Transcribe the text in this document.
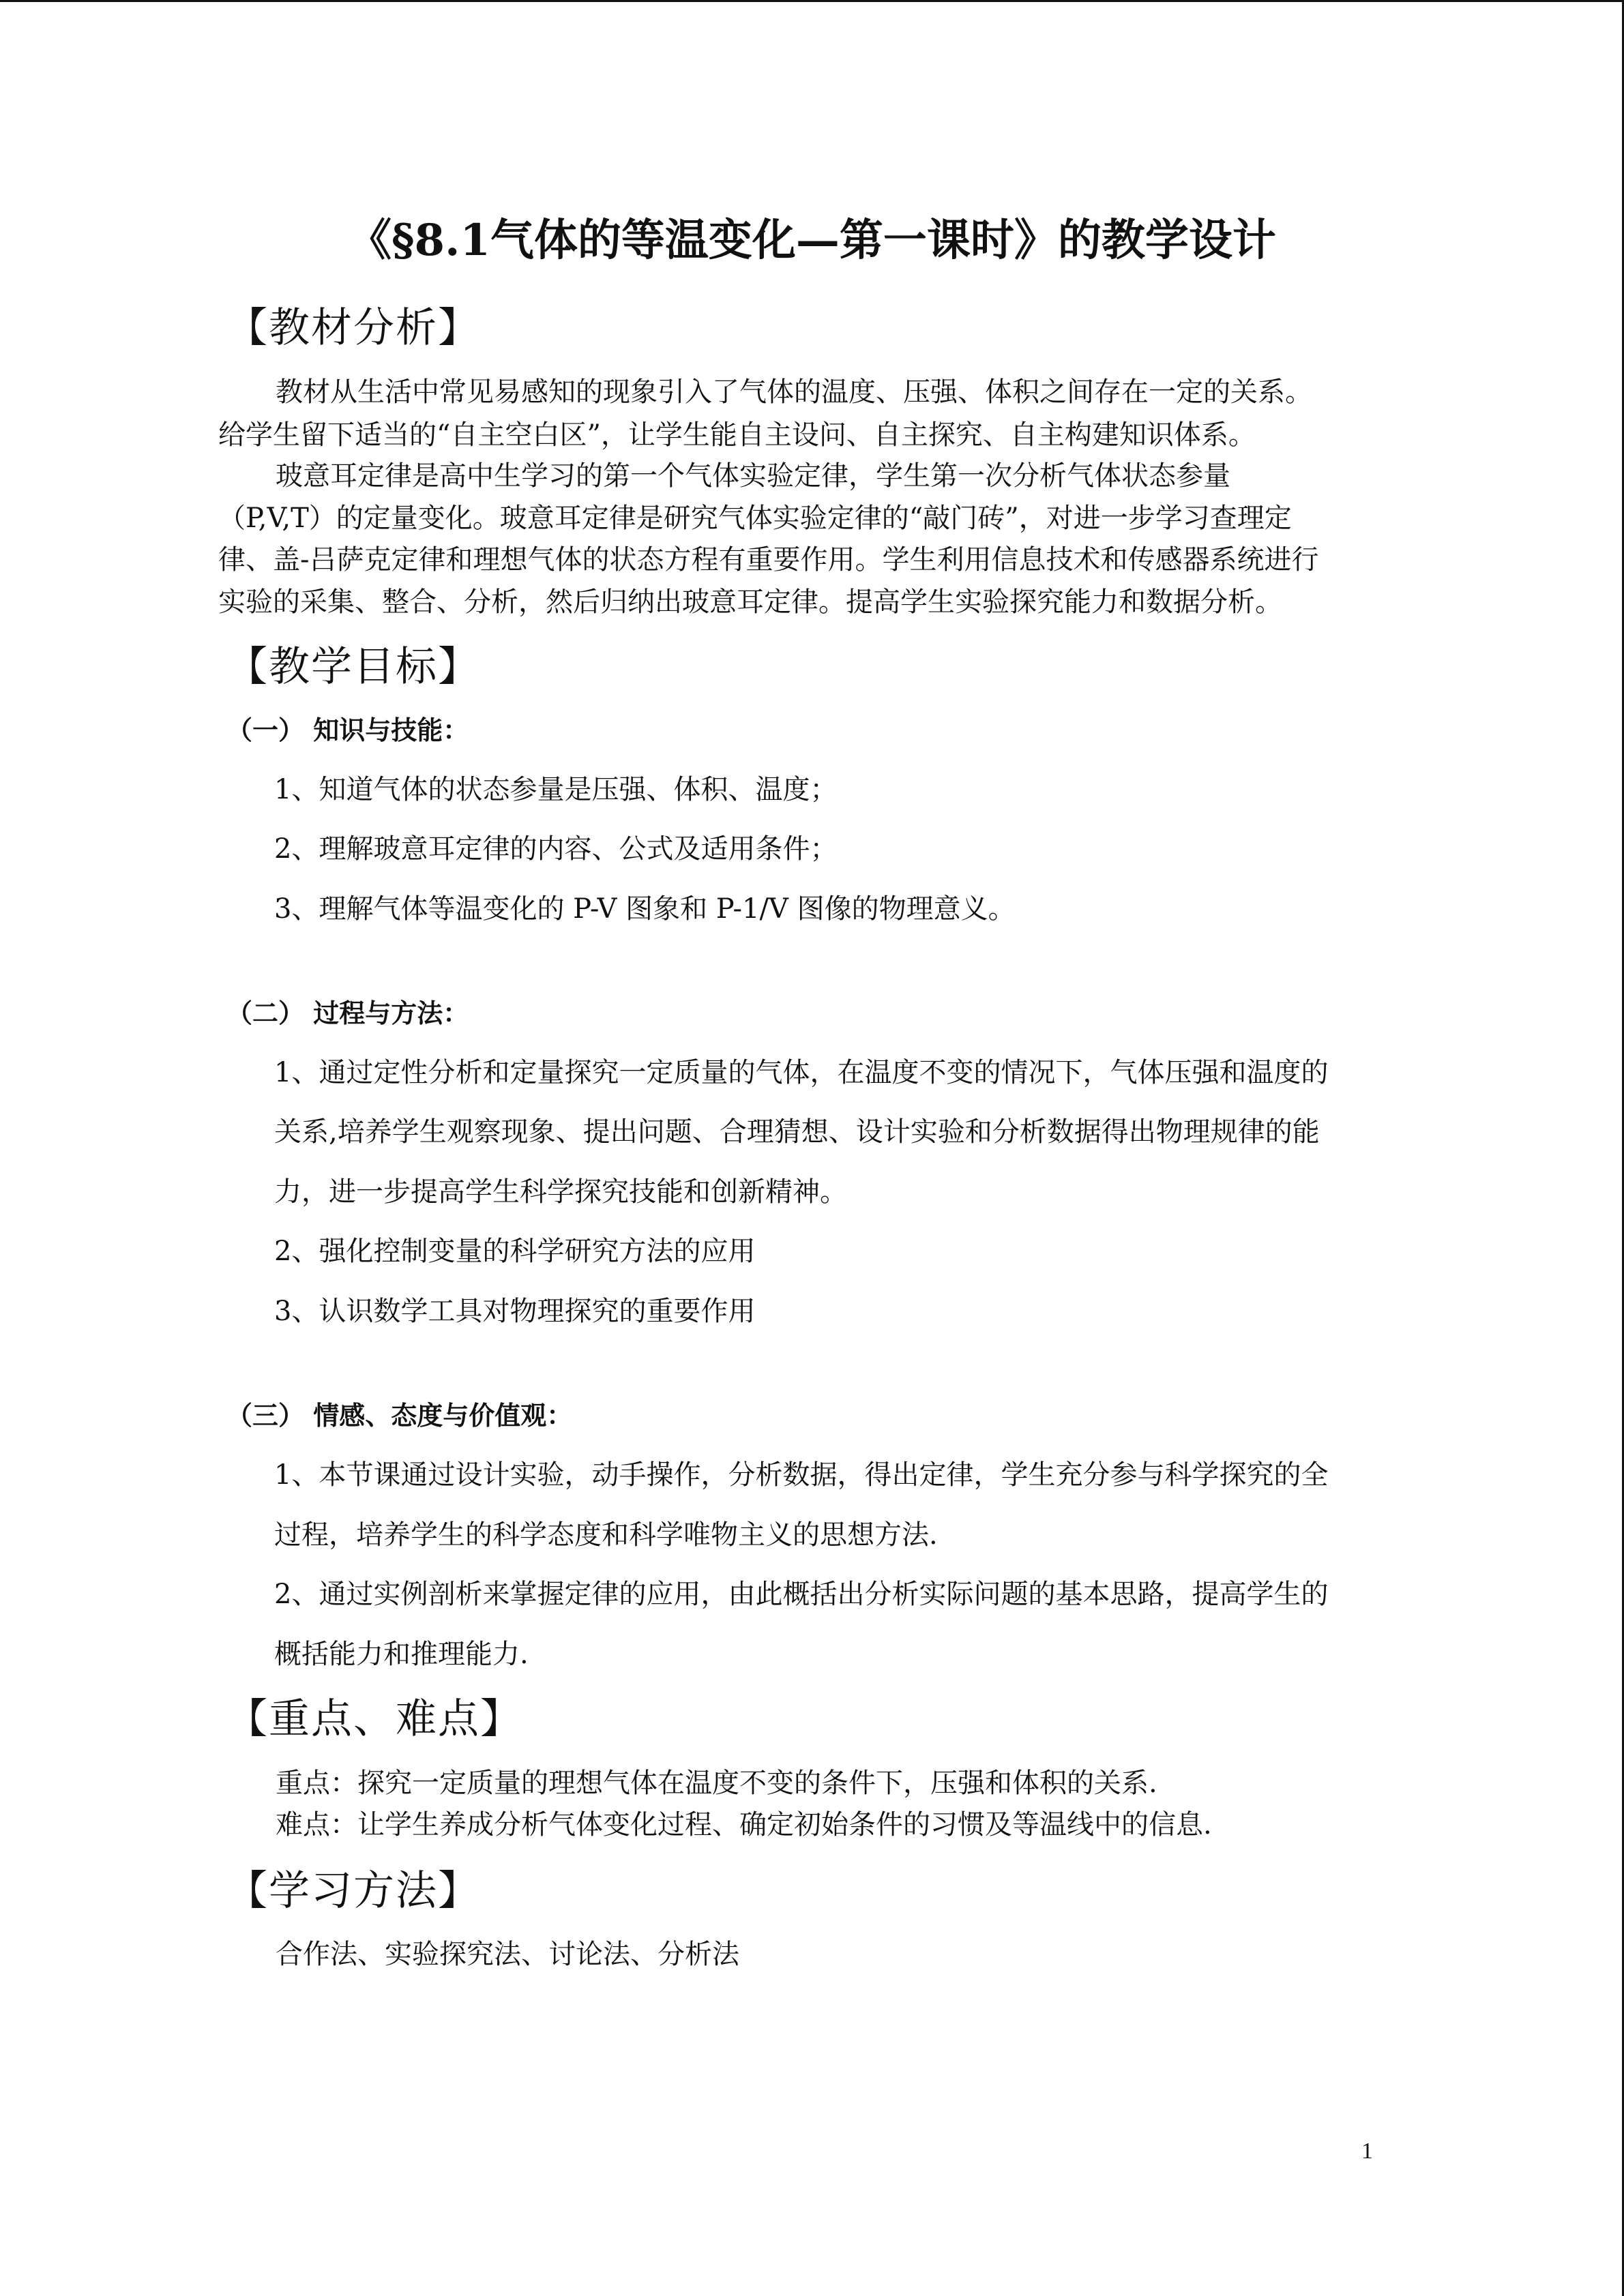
《§8.1气体的等温变化—第一课时》的教学设计
【教材分析】
教材从生活中常见易感知的现象引入了气体的温度、压强、体积之间存在一定的关系。
给学生留下适当的“自主空白区”，让学生能自主设问、自主探究、自主构建知识体系。
玻意耳定律是高中生学习的第一个气体实验定律，学生第一次分析气体状态参量
（P,V,T）的定量变化。玻意耳定律是研究气体实验定律的“敲门砖”，对进一步学习查理定
律、盖-吕萨克定律和理想气体的状态方程有重要作用。学生利用信息技术和传感器系统进行
实验的采集、整合、分析，然后归纳出玻意耳定律。提高学生实验探究能力和数据分析。
【教学目标】
（一） 知识与技能：
1、知道气体的状态参量是压强、体积、温度；
2、理解玻意耳定律的内容、公式及适用条件；
3、理解气体等温变化的 P-V 图象和 P-1/V 图像的物理意义。
（二） 过程与方法：
1、通过定性分析和定量探究一定质量的气体，在温度不变的情况下，气体压强和温度的
关系,培养学生观察现象、提出问题、合理猜想、设计实验和分析数据得出物理规律的能
力，进一步提高学生科学探究技能和创新精神。
2、强化控制变量的科学研究方法的应用
3、认识数学工具对物理探究的重要作用
（三） 情感、态度与价值观：
1、本节课通过设计实验，动手操作，分析数据，得出定律，学生充分参与科学探究的全
过程，培养学生的科学态度和科学唯物主义的思想方法.
2、通过实例剖析来掌握定律的应用，由此概括出分析实际问题的基本思路，提高学生的
概括能力和推理能力.
【重点、难点】
重点：探究一定质量的理想气体在温度不变的条件下，压强和体积的关系.
难点：让学生养成分析气体变化过程、确定初始条件的习惯及等温线中的信息.
【学习方法】
合作法、实验探究法、讨论法、分析法
1
